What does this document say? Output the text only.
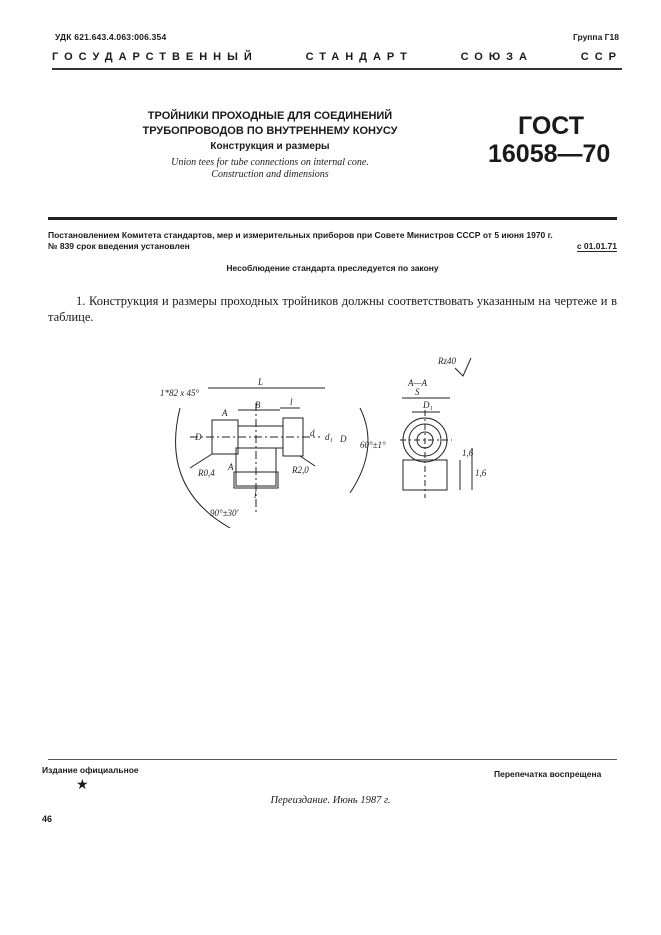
УДК 621.643.4.063:006.354	Группа Г18
ГОСУДАРСТВЕННЫЙ	СТАНДАРТ	СОЮЗА	ССР
ТРОЙНИКИ ПРОХОДНЫЕ ДЛЯ СОЕДИНЕНИЙ
ТРУБОПРОВОДОВ ПО ВНУТРЕННЕМУ КОНУСУ
Конструкция и размеры
Union tees for tube connections on internal cone.
Construction and dimensions
ГОСТ
16058—70
Постановлением Комитета стандартов, мер и измерительных приборов при Совете Министров СССР от 5 июня 1970 г.
№ 839 срок введения установлен	с 01.01.71
Несоблюдение стандарта преследуется по закону
1. Конструкция и размеры проходных тройников должны соответствовать указанным на чертеже и в таблице.
1*82 x 45°
L
B	l
A
A
D	d d₁ D
60°±1°
R2,0
R0,4
90°±30'
l
S
D₁
А—А
Rz40
1,6
1,6
Издание официальное	Перепечатка воспрещена
★
Переиздание. Июнь 1987 г.
46
